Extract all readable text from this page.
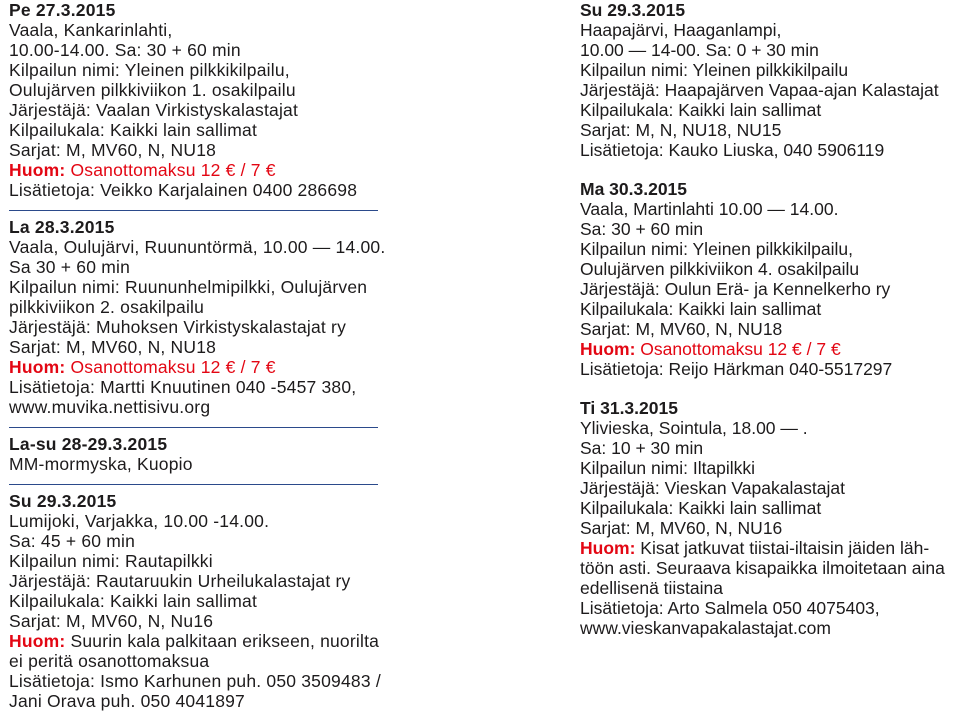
Pe 27.3.2015
Vaala, Kankarinlahti,
10.00-14.00. Sa: 30 + 60 min
Kilpailun nimi: Yleinen pilkkikilpailu,
Oulujärven pilkkiviikon 1. osakilpailu
Järjestäjä: Vaalan Virkistyskalastajat
Kilpailukala: Kaikki lain sallimat
Sarjat: M, MV60, N, NU18
Huom: Osanottomaksu 12 € / 7 €
Lisätietoja: Veikko Karjalainen 0400 286698
La 28.3.2015
Vaala, Oulujärvi, Ruununtörmä, 10.00 — 14.00.
Sa 30 + 60 min
Kilpailun nimi: Ruununhelmipilkki, Oulujärven
pilkkiviikon 2. osakilpailu
Järjestäjä: Muhoksen Virkistyskalastajat ry
Sarjat: M, MV60, N, NU18
Huom: Osanottomaksu 12 € / 7 €
Lisätietoja: Martti Knuutinen 040 -5457 380,
www.muvika.nettisivu.org
La-su 28-29.3.2015
MM-mormyska, Kuopio
Su 29.3.2015
Lumijoki, Varjakka, 10.00 -14.00.
Sa: 45 + 60 min
Kilpailun nimi: Rautapilkki
Järjestäjä: Rautaruukin Urheilukalastajat ry
Kilpailukala: Kaikki lain sallimat
Sarjat: M, MV60, N, Nu16
Huom: Suurin kala palkitaan erikseen, nuorilta
ei peritä osanottomaksua
Lisätietoja: Ismo Karhunen puh. 050 3509483 /
Jani Orava puh. 050 4041897
Su 29.3.2015
Haapajärvi, Haaganlampi,
10.00 — 14-00. Sa: 0 + 30 min
Kilpailun nimi: Yleinen pilkkikilpailu
Järjestäjä: Haapajärven Vapaa-ajan Kalastajat
Kilpailukala: Kaikki lain sallimat
Sarjat: M, N, NU18, NU15
Lisätietoja: Kauko Liuska, 040 5906119
Ma 30.3.2015
Vaala, Martinlahti 10.00 — 14.00.
Sa: 30 + 60 min
Kilpailun nimi: Yleinen pilkkikilpailu,
Oulujärven pilkkiviikon 4. osakilpailu
Järjestäjä: Oulun Erä- ja Kennelkerho ry
Kilpailukala: Kaikki lain sallimat
Sarjat: M, MV60, N, NU18
Huom: Osanottomaksu 12 € / 7 €
Lisätietoja: Reijo Härkman 040-5517297
Ti 31.3.2015
Ylivieska, Sointula, 18.00 — .
Sa: 10 + 30 min
Kilpailun nimi: Iltapilkki
Järjestäjä: Vieskan Vapakalastajat
Kilpailukala: Kaikki lain sallimat
Sarjat: M, MV60, N, NU16
Huom: Kisat jatkuvat tiistai-iltaisin jäiden läh-
töön asti. Seuraava kisapaikka ilmoitetaan aina
edellisenä tiistaina
Lisätietoja: Arto Salmela 050 4075403,
www.vieskanvapakalastajat.com
